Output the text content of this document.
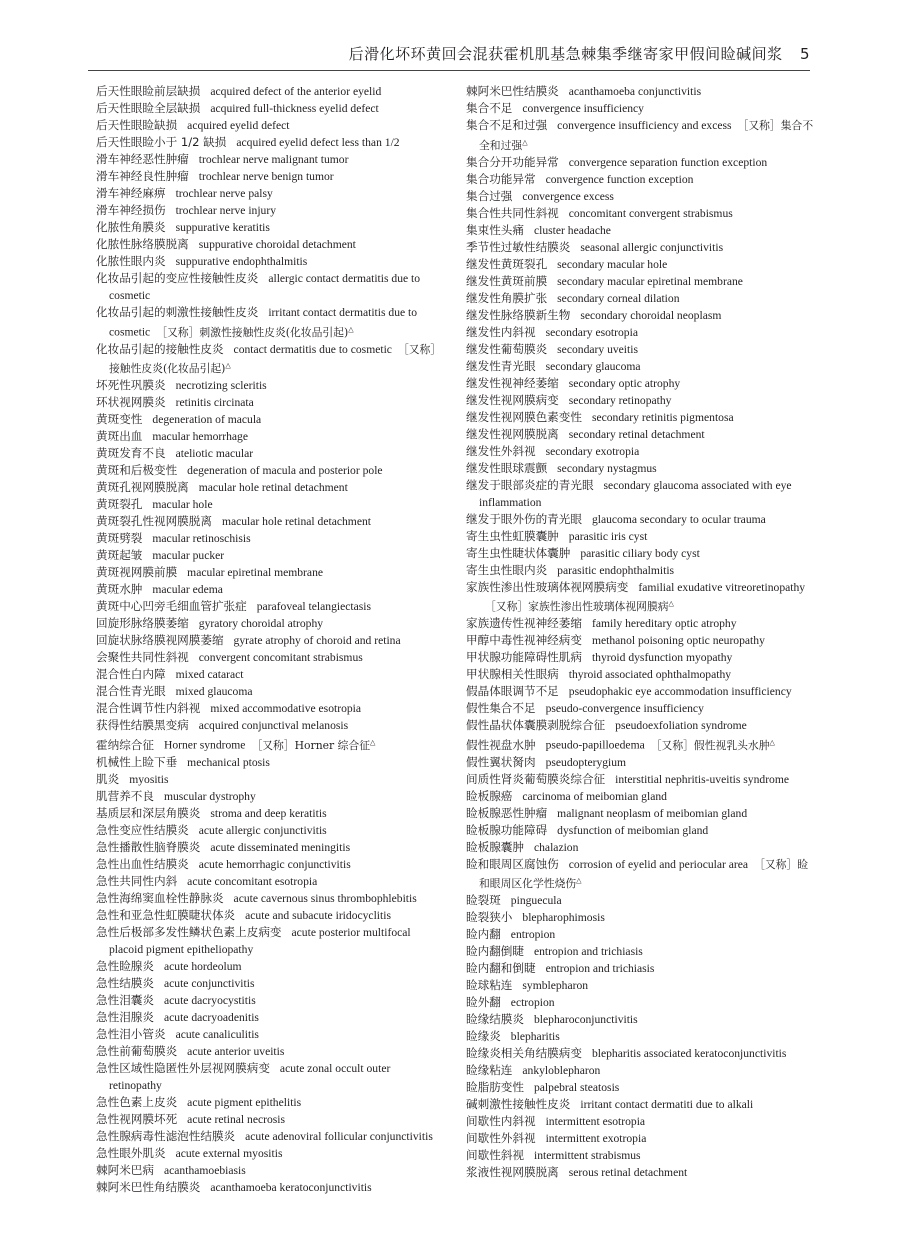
后滑化坏环黄回会混获霍机肌基急棘集季继寄家甲假间睑碱间浆 5

后天性眼睑前层缺损 acquired defect of the anterior eyelid

后天性眼睑全层缺损 acquired full-thickness eyelid defect

后天性眼睑缺损 acquired eyelid defect

后天性眼睑小于 1/2 缺损 acquired eyelid defect less than 1/2

滑车神经恶性肿瘤 trochlear nerve malignant tumor

滑车神经良性肿瘤 trochlear nerve benign tumor

滑车神经麻痹 trochlear nerve palsy

滑车神经损伤 trochlear nerve injury

化脓性角膜炎 suppurative keratitis

化脓性脉络膜脱离 suppurative choroidal detachment

化脓性眼内炎 suppurative endophthalmitis

化妆品引起的变应性接触性皮炎 allergic contact dermatitis due to cosmetic

化妆品引起的刺激性接触性皮炎 irritant contact dermatitis due to cosmetic ［又称］刺激性接触性皮炎(化妆品引起)△

化妆品引起的接触性皮炎 contact dermatitis due to cosmetic ［又称］接触性皮炎(化妆品引起)△

坏死性巩膜炎 necrotizing scleritis

环状视网膜炎 retinitis circinata

黄斑变性 degeneration of macula

黄斑出血 macular hemorrhage

黄斑发育不良 ateliotic macular

黄斑和后极变性 degeneration of macula and posterior pole

黄斑孔视网膜脱离 macular hole retinal detachment

黄斑裂孔 macular hole

黄斑裂孔性视网膜脱离 macular hole retinal detachment

黄斑劈裂 macular retinoschisis

黄斑起皱 macular pucker

黄斑视网膜前膜 macular epiretinal membrane

黄斑水肿 macular edema

黄斑中心凹旁毛细血管扩张症 parafoveal telangiectasis

回旋形脉络膜萎缩 gyratory choroidal atrophy

回旋状脉络膜视网膜萎缩 gyrate atrophy of choroid and retina

会聚性共同性斜视 convergent concomitant strabismus

混合性白内障 mixed cataract

混合性青光眼 mixed glaucoma

混合性调节性内斜视 mixed accommodative esotropia

获得性结膜黑变病 acquired conjunctival melanosis

霍纳综合征 Horner syndrome ［又称］Horner 综合征△

机械性上睑下垂 mechanical ptosis

肌炎 myositis

肌营养不良 muscular dystrophy

基质层和深层角膜炎 stroma and deep keratitis

急性变应性结膜炎 acute allergic conjunctivitis

急性播散性脑脊膜炎 acute disseminated meningitis

急性出血性结膜炎 acute hemorrhagic conjunctivitis

急性共同性内斜 acute concomitant esotropia

急性海绵窦血栓性静脉炎 acute cavernous sinus thrombophlebitis

急性和亚急性虹膜睫状体炎 acute and subacute iridocyclitis

急性后极部多发性鳞状色素上皮病变 acute posterior multifocal placoid pigment epitheliopathy

急性睑腺炎 acute hordeolum

急性结膜炎 acute conjunctivitis

急性泪囊炎 acute dacryocystitis

急性泪腺炎 acute dacryoadenitis

急性泪小管炎 acute canaliculitis

急性前葡萄膜炎 acute anterior uveitis

急性区域性隐匿性外层视网膜病变 acute zonal occult outer retinopathy

急性色素上皮炎 acute pigment epithelitis

急性视网膜坏死 acute retinal necrosis

急性腺病毒性滤泡性结膜炎 acute adenoviral follicular conjunctivitis

急性眼外肌炎 acute external myositis

棘阿米巴病 acanthamoebiasis

棘阿米巴性角结膜炎 acanthamoeba keratoconjunctivitis

棘阿米巴性结膜炎 acanthamoeba conjunctivitis

集合不足 convergence insufficiency

集合不足和过强 convergence insufficiency and excess ［又称］集合不全和过强△

集合分开功能异常 convergence separation function exception

集合功能异常 convergence function exception

集合过强 convergence excess

集合性共同性斜视 concomitant convergent strabismus

集束性头痛 cluster headache

季节性过敏性结膜炎 seasonal allergic conjunctivitis

继发性黄斑裂孔 secondary macular hole

继发性黄斑前膜 secondary macular epiretinal membrane

继发性角膜扩张 secondary corneal dilation

继发性脉络膜新生物 secondary choroidal neoplasm

继发性内斜视 secondary esotropia

继发性葡萄膜炎 secondary uveitis

继发性青光眼 secondary glaucoma

继发性视神经萎缩 secondary optic atrophy

继发性视网膜病变 secondary retinopathy

继发性视网膜色素变性 secondary retinitis pigmentosa

继发性视网膜脱离 secondary retinal detachment

继发性外斜视 secondary exotropia

继发性眼球震颤 secondary nystagmus

继发于眼部炎症的青光眼 secondary glaucoma associated with eye inflammation

继发于眼外伤的青光眼 glaucoma secondary to ocular trauma

寄生虫性虹膜囊肿 parasitic iris cyst

寄生虫性睫状体囊肿 parasitic ciliary body cyst

寄生虫性眼内炎 parasitic endophthalmitis

家族性渗出性玻璃体视网膜病变 familial exudative vitreoretinopathy［又称］家族性渗出性玻璃体视网膜病△

家族遗传性视神经萎缩 family hereditary optic atrophy

甲醇中毒性视神经病变 methanol poisoning optic neuropathy

甲状腺功能障碍性肌病 thyroid dysfunction myopathy

甲状腺相关性眼病 thyroid associated ophthalmopathy

假晶体眼调节不足 pseudophakic eye accommodation insufficiency

假性集合不足 pseudo-convergence insufficiency

假性晶状体囊膜剥脱综合征 pseudoexfoliation syndrome

假性视盘水肿 pseudo-papilloedema ［又称］假性视乳头水肿△

假性翼状胬肉 pseudopterygium

间质性肾炎葡萄膜炎综合征 interstitial nephritis-uveitis syndrome

睑板腺癌 carcinoma of meibomian gland

睑板腺恶性肿瘤 malignant neoplasm of meibomian gland

睑板腺功能障碍 dysfunction of meibomian gland

睑板腺囊肿 chalazion

睑和眼周区腐蚀伤 corrosion of eyelid and periocular area ［又称］睑和眼周区化学性烧伤△

睑裂斑 pinguecula

睑裂狭小 blepharophimosis

睑内翻 entropion

睑内翻倒睫 entropion and trichiasis

睑内翻和倒睫 entropion and trichiasis

睑球粘连 symblepharon

睑外翻 ectropion

睑缘结膜炎 blepharoconjunctivitis

睑缘炎 blepharitis

睑缘炎相关角结膜病变 blepharitis associated keratoconjunctivitis

睑缘粘连 ankyloblepharon

睑脂肪变性 palpebral steatosis

碱刺激性接触性皮炎 irritant contact dermatiti due to alkali

间歇性内斜视 intermittent esotropia

间歇性外斜视 intermittent exotropia

间歇性斜视 intermittent strabismus

浆液性视网膜脱离 serous retinal detachment
